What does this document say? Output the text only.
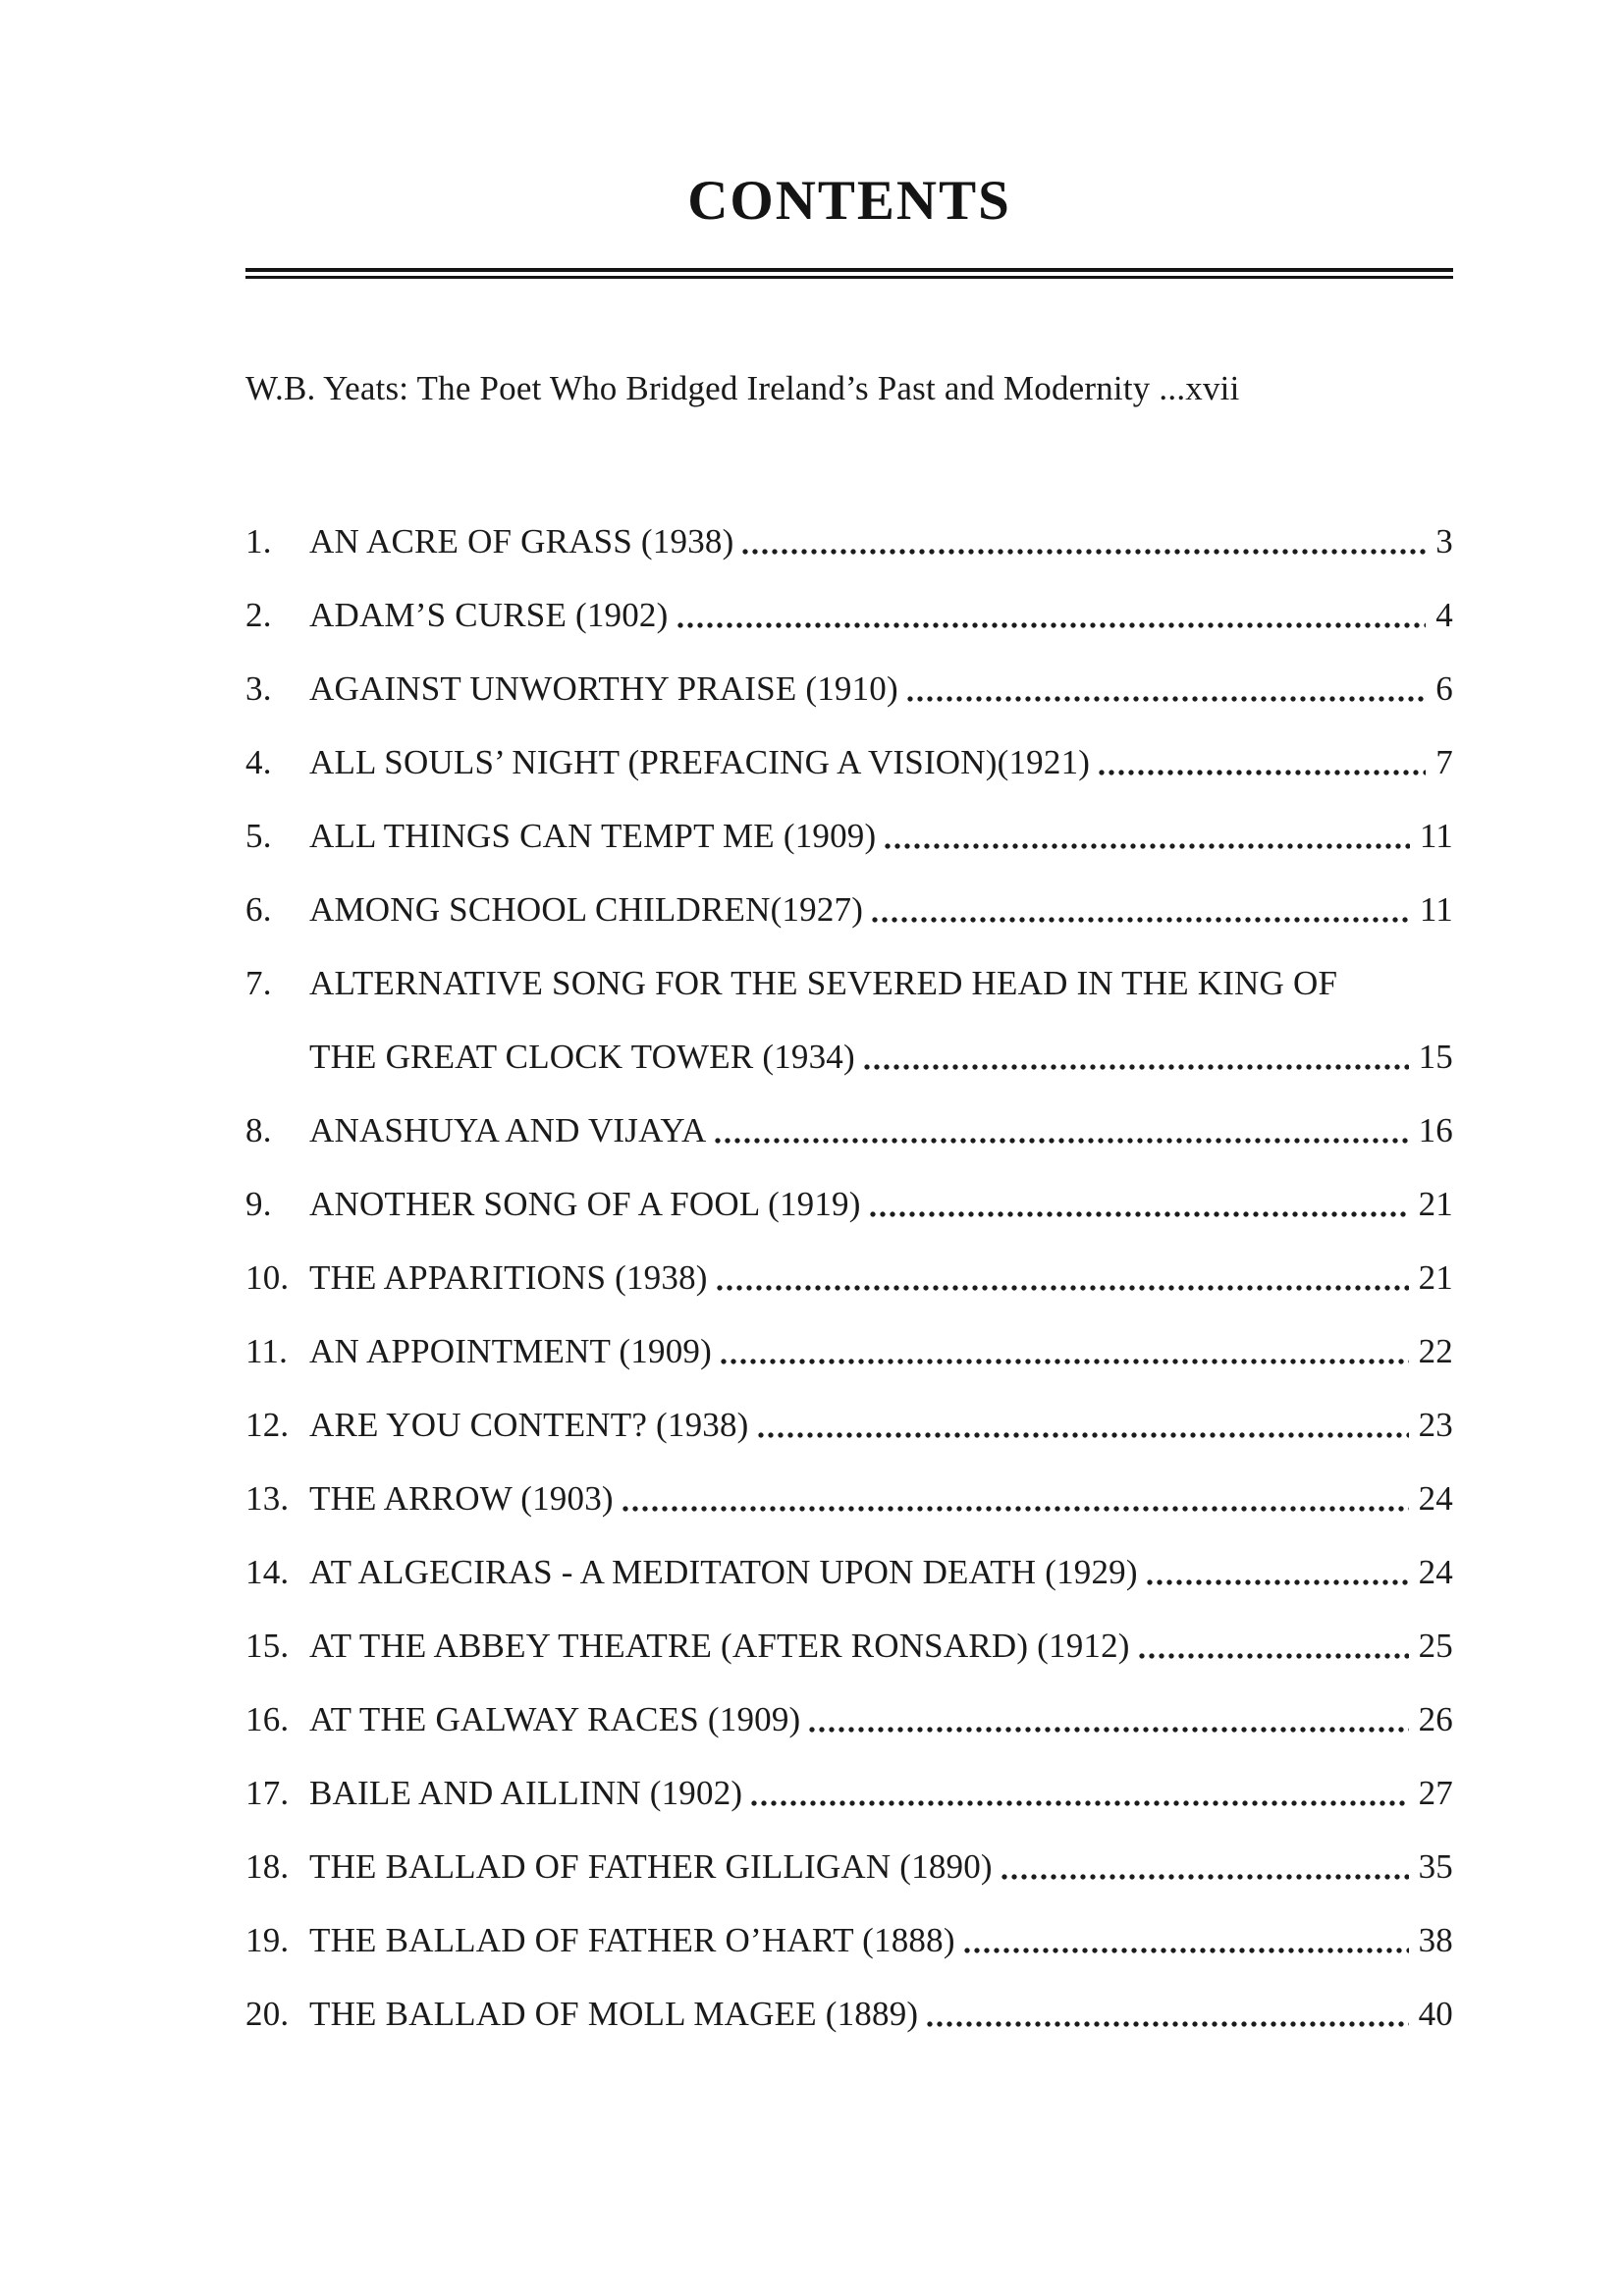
CONTENTS

W.B. Yeats: The Poet Who Bridged Ireland’s Past and Modernity ...xvii

1.	AN ACRE OF GRASS (1938)	3
2.	ADAM’S CURSE (1902)	4
3.	AGAINST UNWORTHY PRAISE (1910)	6
4.	ALL SOULS’ NIGHT (PREFACING A VISION)(1921)	7
5.	ALL THINGS CAN TEMPT ME (1909)	11
6.	AMONG SCHOOL CHILDREN(1927)	11
7.	ALTERNATIVE SONG FOR THE SEVERED HEAD IN THE KING OF
THE GREAT CLOCK TOWER (1934)	15
8.	ANASHUYA AND VIJAYA	16
9.	ANOTHER SONG OF A FOOL (1919)	21
10. THE APPARITIONS (1938)	21
11. AN APPOINTMENT (1909)	22
12. ARE YOU CONTENT? (1938)	23
13. THE ARROW (1903)	24
14. AT ALGECIRAS - A MEDITATON UPON DEATH (1929)	24
15. AT THE ABBEY THEATRE (AFTER RONSARD) (1912)	25
16. AT THE GALWAY RACES (1909)	26
17. BAILE AND AILLINN (1902)	27
18. THE BALLAD OF FATHER GILLIGAN (1890)	35
19. THE BALLAD OF FATHER O’HART (1888)	38
20. THE BALLAD OF MOLL MAGEE (1889)	40
